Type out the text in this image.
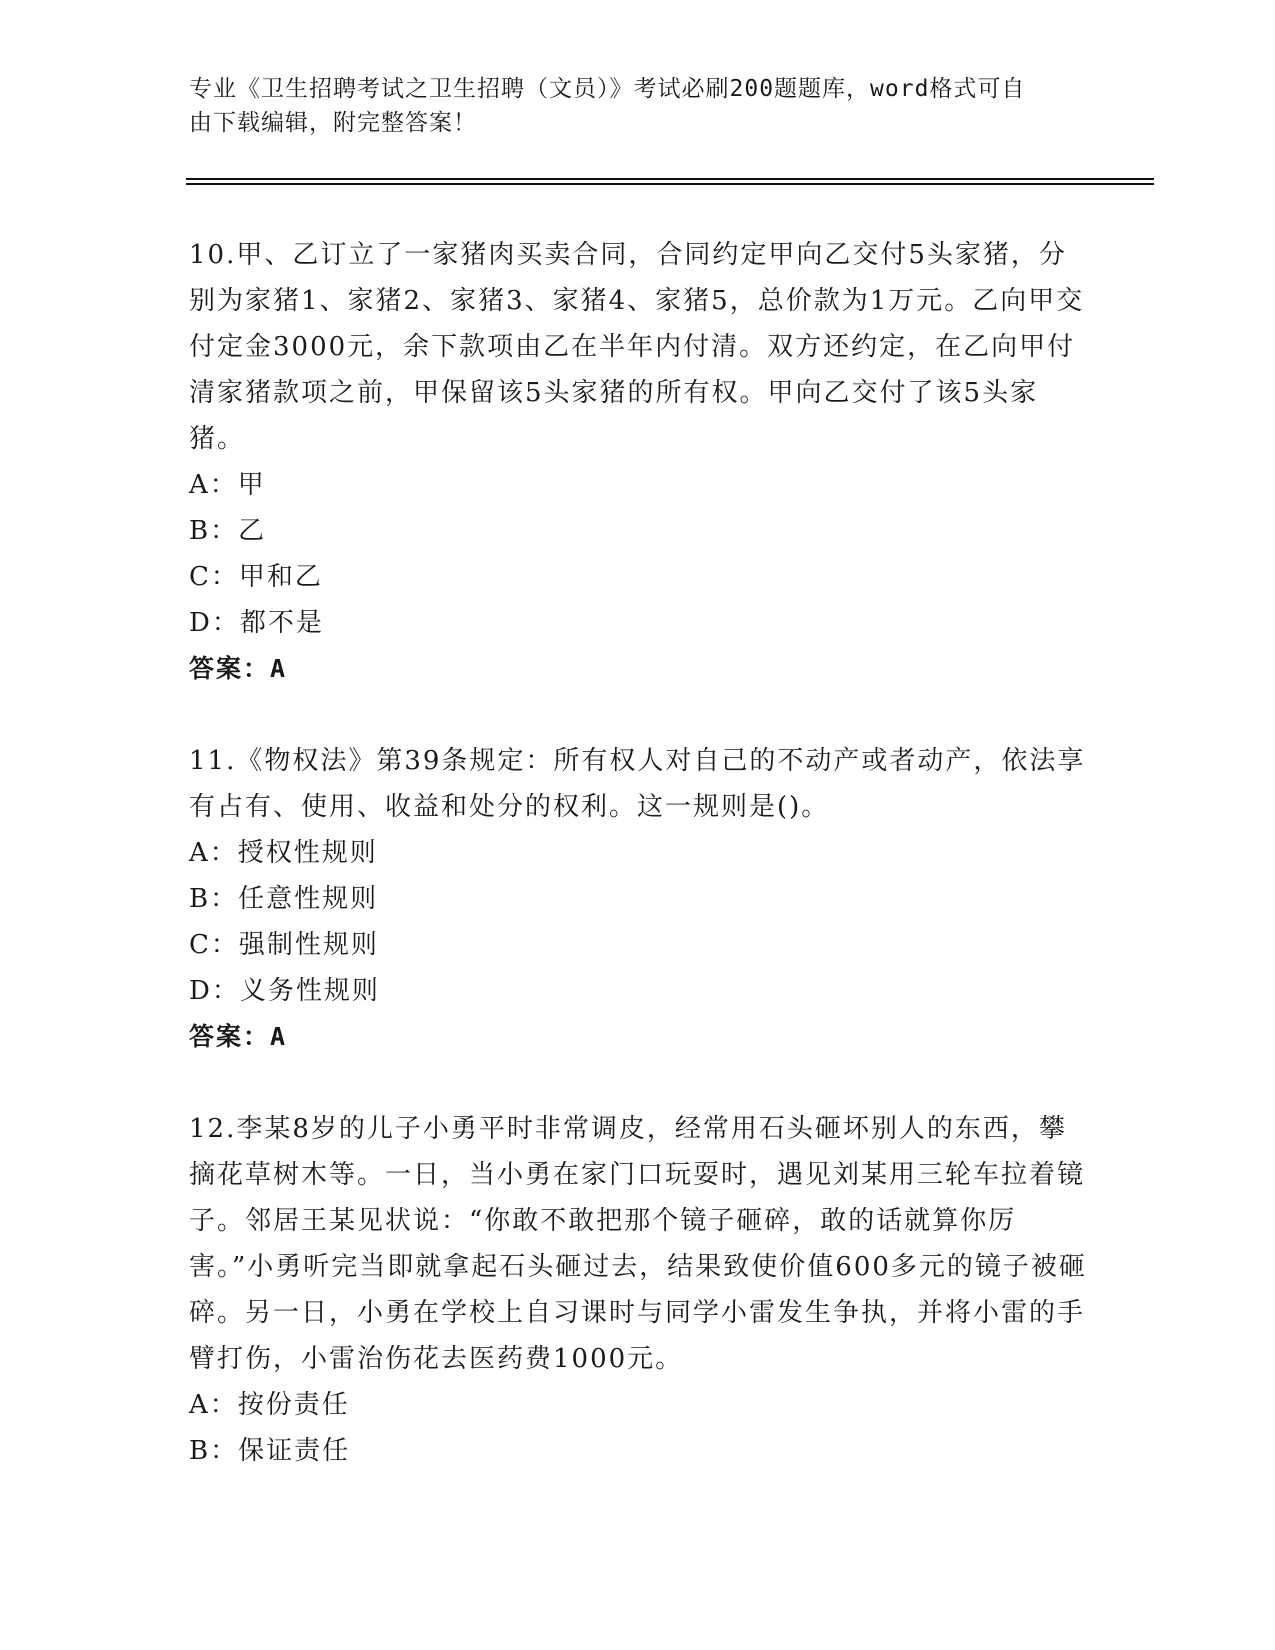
专业《卫生招聘考试之卫生招聘（文员）》考试必刷200题题库，word格式可自
由下载编辑，附完整答案！
10.甲、乙订立了一家猪肉买卖合同，合同约定甲向乙交付5头家猪，分别为家猪1、家猪2、家猪3、家猪4、家猪5，总价款为1万元。乙向甲交付定金3000元，余下款项由乙在半年内付清。双方还约定，在乙向甲付清家猪款项之前，甲保留该5头家猪的所有权。甲向乙交付了该5头家猪。
A：甲
B：乙
C：甲和乙
D：都不是
答案：A
11.《物权法》第39条规定：所有权人对自己的不动产或者动产，依法享有占有、使用、收益和处分的权利。这一规则是()。
A：授权性规则
B：任意性规则
C：强制性规则
D：义务性规则
答案：A
12.李某8岁的儿子小勇平时非常调皮，经常用石头砸坏别人的东西，攀摘花草树木等。一日，当小勇在家门口玩耍时，遇见刘某用三轮车拉着镜子。邻居王某见状说：“你敢不敢把那个镜子砸碎，敢的话就算你厉害。”小勇听完当即就拿起石头砸过去，结果致使价值600多元的镜子被砸碎。另一日，小勇在学校上自习课时与同学小雷发生争执，并将小雷的手臂打伤，小雷治伤花去医药费1000元。
A：按份责任
B：保证责任
